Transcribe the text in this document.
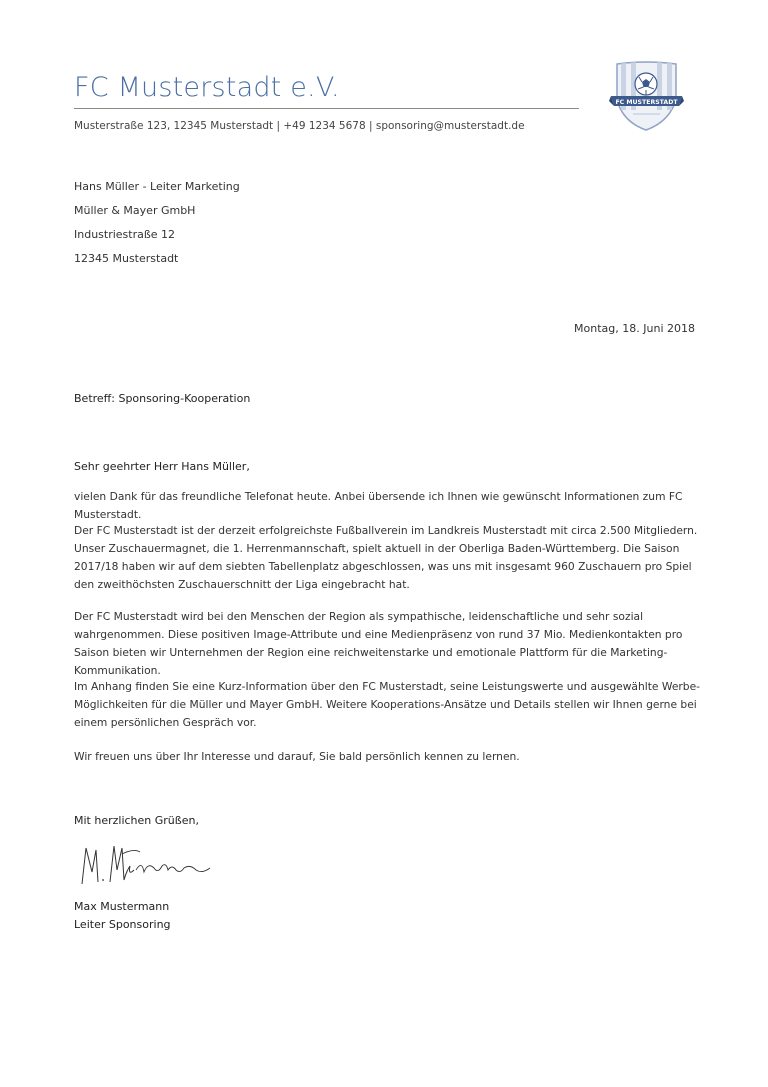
FC Musterstadt e.V.
Musterstraße 123, 12345 Musterstadt | +49 1234 5678 | sponsoring@musterstadt.de
FC MUSTERSTADT
Hans Müller - Leiter Marketing
Müller & Mayer GmbH
Industriestraße 12
12345 Musterstadt
Montag, 18. Juni 2018
Betreff: Sponsoring-Kooperation
Sehr geehrter Herr Hans Müller,
vielen Dank für das freundliche Telefonat heute. Anbei übersende ich Ihnen wie gewünscht Informationen zum FC Musterstadt.
Der FC Musterstadt ist der derzeit erfolgreichste Fußballverein im Landkreis Musterstadt mit circa 2.500 Mitgliedern. Unser Zuschauermagnet, die 1. Herrenmannschaft, spielt aktuell in der Oberliga Baden-Württemberg. Die Saison 2017/18 haben wir auf dem siebten Tabellenplatz abgeschlossen, was uns mit insgesamt 960 Zuschauern pro Spiel den zweithöchsten Zuschauerschnitt der Liga eingebracht hat.
Der FC Musterstadt wird bei den Menschen der Region als sympathische, leidenschaftliche und sehr sozial wahrgenommen. Diese positiven Image-Attribute und eine Medienpräsenz von rund 37 Mio. Medienkontakten pro Saison bieten wir Unternehmen der Region eine reichweitenstarke und emotionale Plattform für die Marketing-Kommunikation.
Im Anhang finden Sie eine Kurz-Information über den FC Musterstadt, seine Leistungswerte und ausgewählte Werbe-Möglichkeiten für die Müller und Mayer GmbH. Weitere Kooperations-Ansätze und Details stellen wir Ihnen gerne bei einem persönlichen Gespräch vor.
Wir freuen uns über Ihr Interesse und darauf, Sie bald persönlich kennen zu lernen.
Mit herzlichen Grüßen,
Max Mustermann
Leiter Sponsoring
